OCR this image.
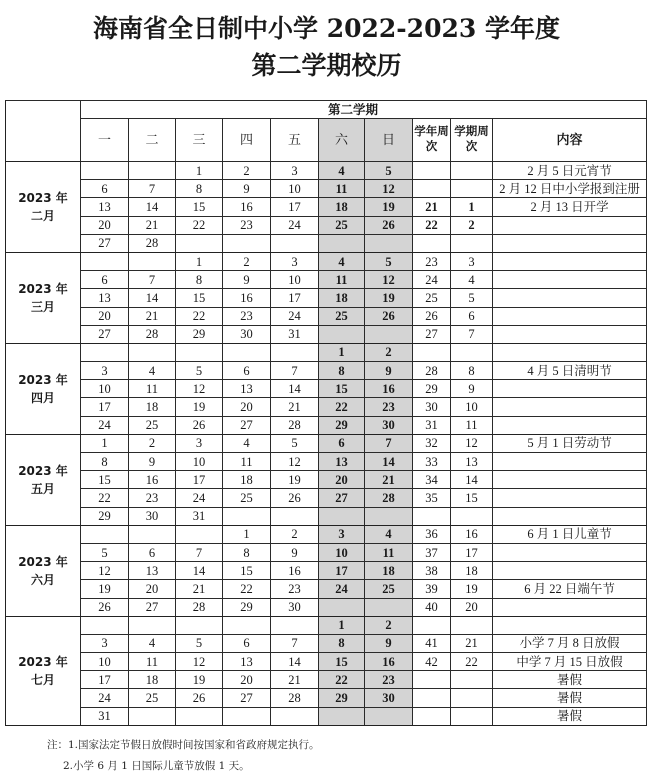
海南省全日制中小学 2022-2023 学年度
第二学期校历
	第二学期									
	一	二	三	四	五	六	日	学年周次	学期周次	内容

2023 年
二月			1	2	3	4	5			2 月 5 日元宵节
	6	7	8	9	10	11	12			2 月 12 日中小学报到注册
	13	14	15	16	17	18	19	21	1	2 月 13 日开学
	20	21	22	23	24	25	26	22	2	
	27	28								

2023 年
三月			1	2	3	4	5	23	3	
	6	7	8	9	10	11	12	24	4	
	13	14	15	16	17	18	19	25	5	
	20	21	22	23	24	25	26	26	6	
	27	28	29	30	31			27	7	

2023 年
四月						1	2			
	3	4	5	6	7	8	9	28	8	4 月 5 日清明节
	10	11	12	13	14	15	16	29	9	
	17	18	19	20	21	22	23	30	10	
	24	25	26	27	28	29	30	31	11	

2023 年
五月	1	2	3	4	5	6	7	32	12	5 月 1 日劳动节
	8	9	10	11	12	13	14	33	13	
	15	16	17	18	19	20	21	34	14	
	22	23	24	25	26	27	28	35	15	
	29	30	31							

2023 年
六月				1	2	3	4	36	16	6 月 1 日儿童节
	5	6	7	8	9	10	11	37	17	
	12	13	14	15	16	17	18	38	18	
	19	20	21	22	23	24	25	39	19	6 月 22 日端午节
	26	27	28	29	30			40	20	

2023 年
七月						1	2			
	3	4	5	6	7	8	9	41	21	小学 7 月 8 日放假
	10	11	12	13	14	15	16	42	22	中学 7 月 15 日放假
	17	18	19	20	21	22	23			暑假
	24	25	26	27	28	29	30			暑假
	31									暑假
注：1.国家法定节假日放假时间按国家和省政府规定执行。
2.小学 6 月 1 日国际儿童节放假 1 天。
